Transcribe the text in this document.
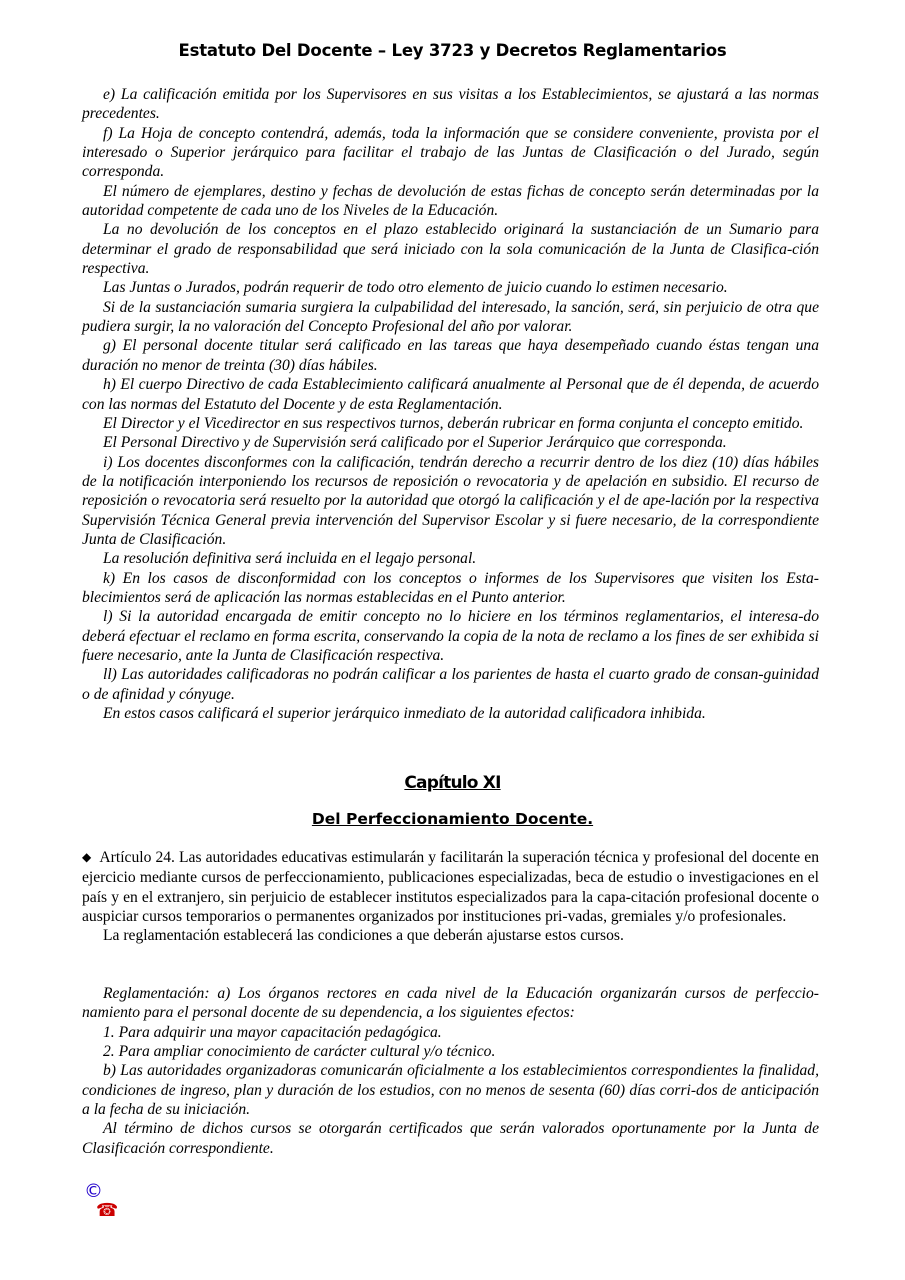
Estatuto Del Docente – Ley 3723 y Decretos Reglamentarios

e) La calificación emitida por los Supervisores en sus visitas a los Establecimientos, se ajustará a las normas precedentes.

f) La Hoja de concepto contendrá, además, toda la información que se considere conveniente, provista por el interesado o Superior jerárquico para facilitar el trabajo de las Juntas de Clasificación o del Jurado, según corresponda.

El número de ejemplares, destino y fechas de devolución de estas fichas de concepto serán determinadas por la autoridad competente de cada uno de los Niveles de la Educación.

La no devolución de los conceptos en el plazo establecido originará la sustanciación de un Sumario para determinar el grado de responsabilidad que será iniciado con la sola comunicación de la Junta de Clasifica-ción respectiva.

Las Juntas o Jurados, podrán requerir de todo otro elemento de juicio cuando lo estimen necesario.

Si de la sustanciación sumaria surgiera la culpabilidad del interesado, la sanción, será, sin perjuicio de otra que pudiera surgir, la no valoración del Concepto Profesional del año por valorar.

g) El personal docente titular será calificado en las tareas que haya desempeñado cuando éstas tengan una duración no menor de treinta (30) días hábiles.

h) El cuerpo Directivo de cada Establecimiento calificará anualmente al Personal que de él dependa, de acuerdo con las normas del Estatuto del Docente y de esta Reglamentación.

El Director y el Vicedirector en sus respectivos turnos, deberán rubricar en forma conjunta el concepto emitido.

El Personal Directivo y de Supervisión será calificado por el Superior Jerárquico que corresponda.

i) Los docentes disconformes con la calificación, tendrán derecho a recurrir dentro de los diez (10) días hábiles de la notificación interponiendo los recursos de reposición o revocatoria y de apelación en subsidio. El recurso de reposición o revocatoria será resuelto por la autoridad que otorgó la calificación y el de ape-lación por la respectiva Supervisión Técnica General previa intervención del Supervisor Escolar y si fuere necesario, de la correspondiente Junta de Clasificación.

La resolución definitiva será incluida en el legajo personal.

k) En los casos de disconformidad con los conceptos o informes de los Supervisores que visiten los Esta-blecimientos será de aplicación las normas establecidas en el Punto anterior.

l) Si la autoridad encargada de emitir concepto no lo hiciere en los términos reglamentarios, el interesa-do deberá efectuar el reclamo en forma escrita, conservando la copia de la nota de reclamo a los fines de ser exhibida si fuere necesario, ante la Junta de Clasificación respectiva.

ll) Las autoridades calificadoras no podrán calificar a los parientes de hasta el cuarto grado de consan-guinidad o de afinidad y cónyuge.

En estos casos calificará el superior jerárquico inmediato de la autoridad calificadora inhibida.

Capítulo XI
Del Perfeccionamiento Docente.

◆ Artículo 24. Las autoridades educativas estimularán y facilitarán la superación técnica y profesional del docente en ejercicio mediante cursos de perfeccionamiento, publicaciones especializadas, beca de estudio o investigaciones en el país y en el extranjero, sin perjuicio de establecer institutos especializados para la capa-citación profesional docente o auspiciar cursos temporarios o permanentes organizados por instituciones pri-vadas, gremiales y/o profesionales.

La reglamentación establecerá las condiciones a que deberán ajustarse estos cursos.

Reglamentación: a) Los órganos rectores en cada nivel de la Educación organizarán cursos de perfeccio-namiento para el personal docente de su dependencia, a los siguientes efectos:

1. Para adquirir una mayor capacitación pedagógica.

2. Para ampliar conocimiento de carácter cultural y/o técnico.

b) Las autoridades organizadoras comunicarán oficialmente a los establecimientos correspondientes la finalidad, condiciones de ingreso, plan y duración de los estudios, con no menos de sesenta (60) días corri-dos de anticipación a la fecha de su iniciación.

Al término de dichos cursos se otorgarán certificados que serán valorados oportunamente por la Junta de Clasificación correspondiente.

©
☎
